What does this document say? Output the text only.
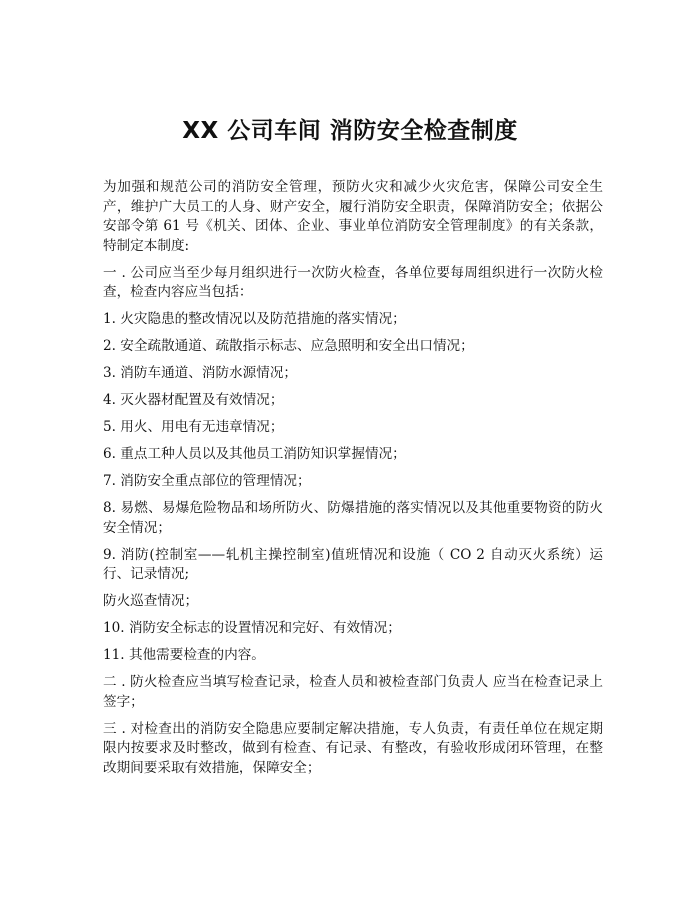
XX 公司车间 消防安全检查制度

为加强和规范公司的消防安全管理，预防火灾和减少火灾危害，保障公司安全生产，维护广大员工的人身、财产安全，履行消防安全职责，保障消防安全；依据公安部令第 61 号《机关、团体、企业、事业单位消防安全管理制度》的有关条款，特制定本制度:

一 . 公司应当至少每月组织进行一次防火检查，各单位要每周组织进行一次防火检查，检查内容应当包括：

1. 火灾隐患的整改情况以及防范措施的落实情况；

2. 安全疏散通道、疏散指示标志、应急照明和安全出口情况；

3. 消防车通道、消防水源情况；

4. 灭火器材配置及有效情况；

5. 用火、用电有无违章情况；

6. 重点工种人员以及其他员工消防知识掌握情况；

7. 消防安全重点部位的管理情况；

8. 易燃、易爆危险物品和场所防火、防爆措施的落实情况以及其他重要物资的防火安全情况；

9. 消防(控制室——轧机主操控制室)值班情况和设施（ CO 2 自动灭火系统）运行、记录情况;

防火巡查情况；

10. 消防安全标志的设置情况和完好、有效情况；

11. 其他需要检查的内容。

二 . 防火检查应当填写检查记录，检查人员和被检查部门负责人 应当在检查记录上签字；

三 . 对检查出的消防安全隐患应要制定解决措施，专人负责，有责任单位在规定期限内按要求及时整改，做到有检查、有记录、有整改，有验收形成闭环管理，在整改期间要采取有效措施，保障安全；
